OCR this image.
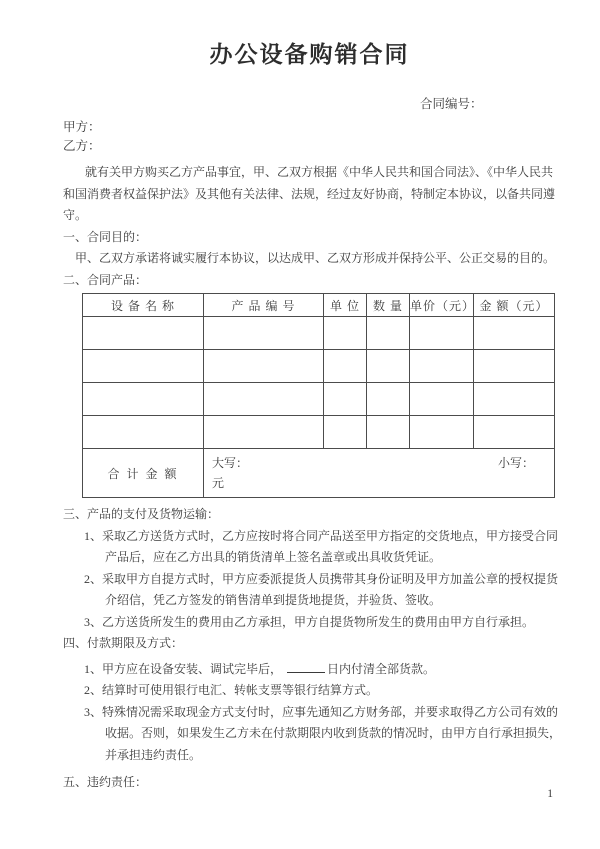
办公设备购销合同
合同编号：
甲方：
乙方：
就有关甲方购买乙方产品事宜，甲、乙双方根据《中华人民共和国合同法》、《中华人民共
和国消费者权益保护法》及其他有关法律、法规，经过友好协商，特制定本协议，以备共同遵
守。
一、合同目的：
甲、乙双方承诺将诚实履行本协议，以达成甲、乙双方形成并保持公平、公正交易的目的。
二、合同产品：
设 备 名 称	产 品 编 号	单 位	数 量	单价（元）	金 额（元）

合 计 金 额	大写： 小写：
元				
三、产品的支付及货物运输：
1、采取乙方送货方式时，乙方应按时将合同产品送至甲方指定的交货地点，甲方接受合同
产品后，应在乙方出具的销货清单上签名盖章或出具收货凭证。
2、采取甲方自提方式时，甲方应委派提货人员携带其身份证明及甲方加盖公章的授权提货
介绍信，凭乙方签发的销售清单到提货地提货，并验货、签收。
3、乙方送货所发生的费用由乙方承担，甲方自提货物所发生的费用由甲方自行承担。
四、付款期限及方式：
1、甲方应在设备安装、调试完毕后，	日内付清全部货款。
2、结算时可使用银行电汇、转帐支票等银行结算方式。
3、特殊情况需采取现金方式支付时，应事先通知乙方财务部，并要求取得乙方公司有效的
收据。否则，如果发生乙方未在付款期限内收到货款的情况时，由甲方自行承担损失，
并承担违约责任。
五、违约责任：
1
